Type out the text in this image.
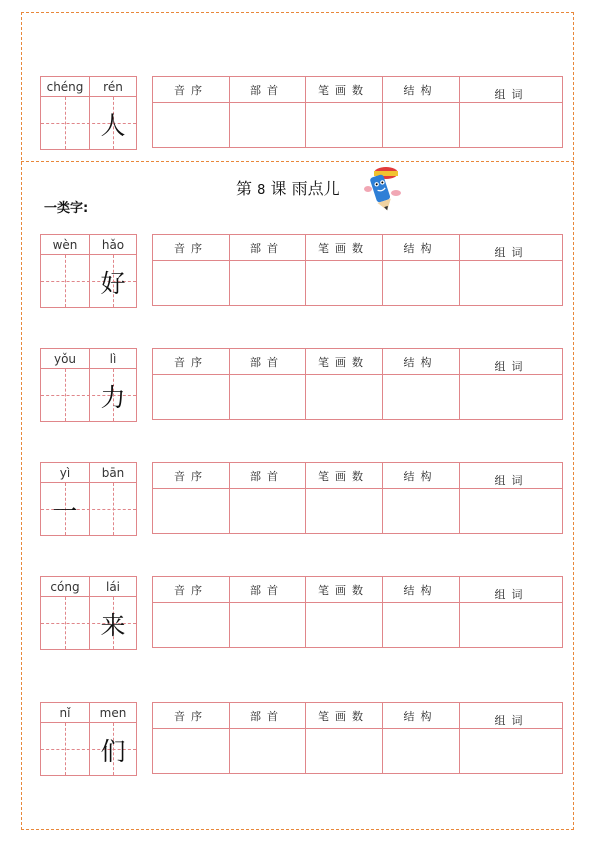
第 8 课 雨点儿
一类字:
chéng	rén
人
音序	部首	笔画数	结构	组词
wèn	hǎo
好
音序	部首	笔画数	结构	组词
yǒu	lì
力
音序	部首	笔画数	结构	组词
yì	bān
一
音序	部首	笔画数	结构	组词
cóng	lái
来
音序	部首	笔画数	结构	组词
nǐ	men
们
音序	部首	笔画数	结构	组词
